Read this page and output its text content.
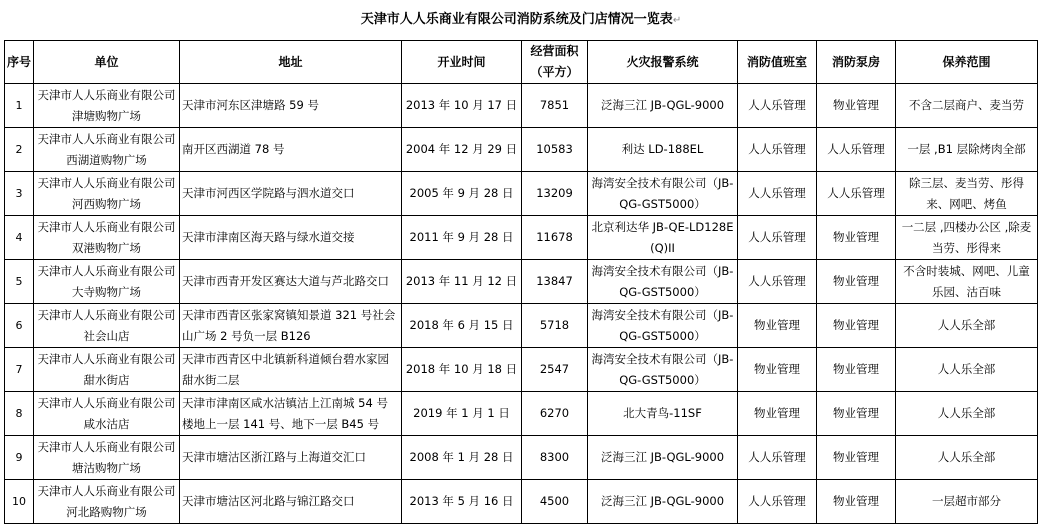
天津市人人乐商业有限公司消防系统及门店情况一览表↵
序号	单位	地址	开业时间	经营面积（平方）	火灾报警系统	消防值班室	消防泵房	保养范围
1	天津市人人乐商业有限公司津塘购物广场	天津市河东区津塘路 59 号	2013 年 10 月 17 日	7851	泛海三江 JB-QGL-9000	人人乐管理	物业管理	不含二层商户、麦当劳
2	天津市人人乐商业有限公司西湖道购物广场	南开区西湖道 78 号	2004 年 12 月 29 日	10583	利达 LD-188EL	人人乐管理	人人乐管理	一层 ,B1 层除烤肉全部
3	天津市人人乐商业有限公司河西购物广场	天津市河西区学院路与泗水道交口	2005 年 9 月 28 日	13209	海湾安全技术有限公司（JB-QG-GST5000）	人人乐管理	人人乐管理	除三层、麦当劳、彤得来、网吧、烤鱼
4	天津市人人乐商业有限公司双港购物广场	天津市津南区海天路与绿水道交接	2011 年 9 月 28 日	11678	北京利达华 JB-QE-LD128E(Q)II	人人乐管理	物业管理	一二层 ,四楼办公区 ,除麦当劳、彤得来
5	天津市人人乐商业有限公司大寺购物广场	天津市西青开发区赛达大道与芦北路交口	2013 年 11 月 12 日	13847	海湾安全技术有限公司（JB-QG-GST5000）	人人乐管理	物业管理	不含时装城、网吧、儿童乐园、沽百味
6	天津市人人乐商业有限公司社会山店	天津市西青区张家窝镇知景道 321 号社会山广场 2 号负一层 B126	2018 年 6 月 15 日	5718	海湾安全技术有限公司（JB-QG-GST5000）	物业管理	物业管理	人人乐全部
7	天津市人人乐商业有限公司甜水街店	天津市西青区中北镇新科道倾台碧水家园甜水街二层	2018 年 10 月 18 日	2547	海湾安全技术有限公司（JB-QG-GST5000）	物业管理	物业管理	人人乐全部
8	天津市人人乐商业有限公司咸水沽店	天津市津南区咸水沽镇沽上江南城 54 号楼地上一层 141 号、地下一层 B45 号	2019 年 1 月 1 日	6270	北大青鸟-11SF	物业管理	物业管理	人人乐全部
9	天津市人人乐商业有限公司塘沽购物广场	天津市塘沽区浙江路与上海道交汇口	2008 年 1 月 28 日	8300	泛海三江 JB-QGL-9000	人人乐管理	物业管理	人人乐全部
10	天津市人人乐商业有限公司河北路购物广场	天津市塘沽区河北路与锦江路交口	2013 年 5 月 16 日	4500	泛海三江 JB-QGL-9000	人人乐管理	物业管理	一层超市部分
